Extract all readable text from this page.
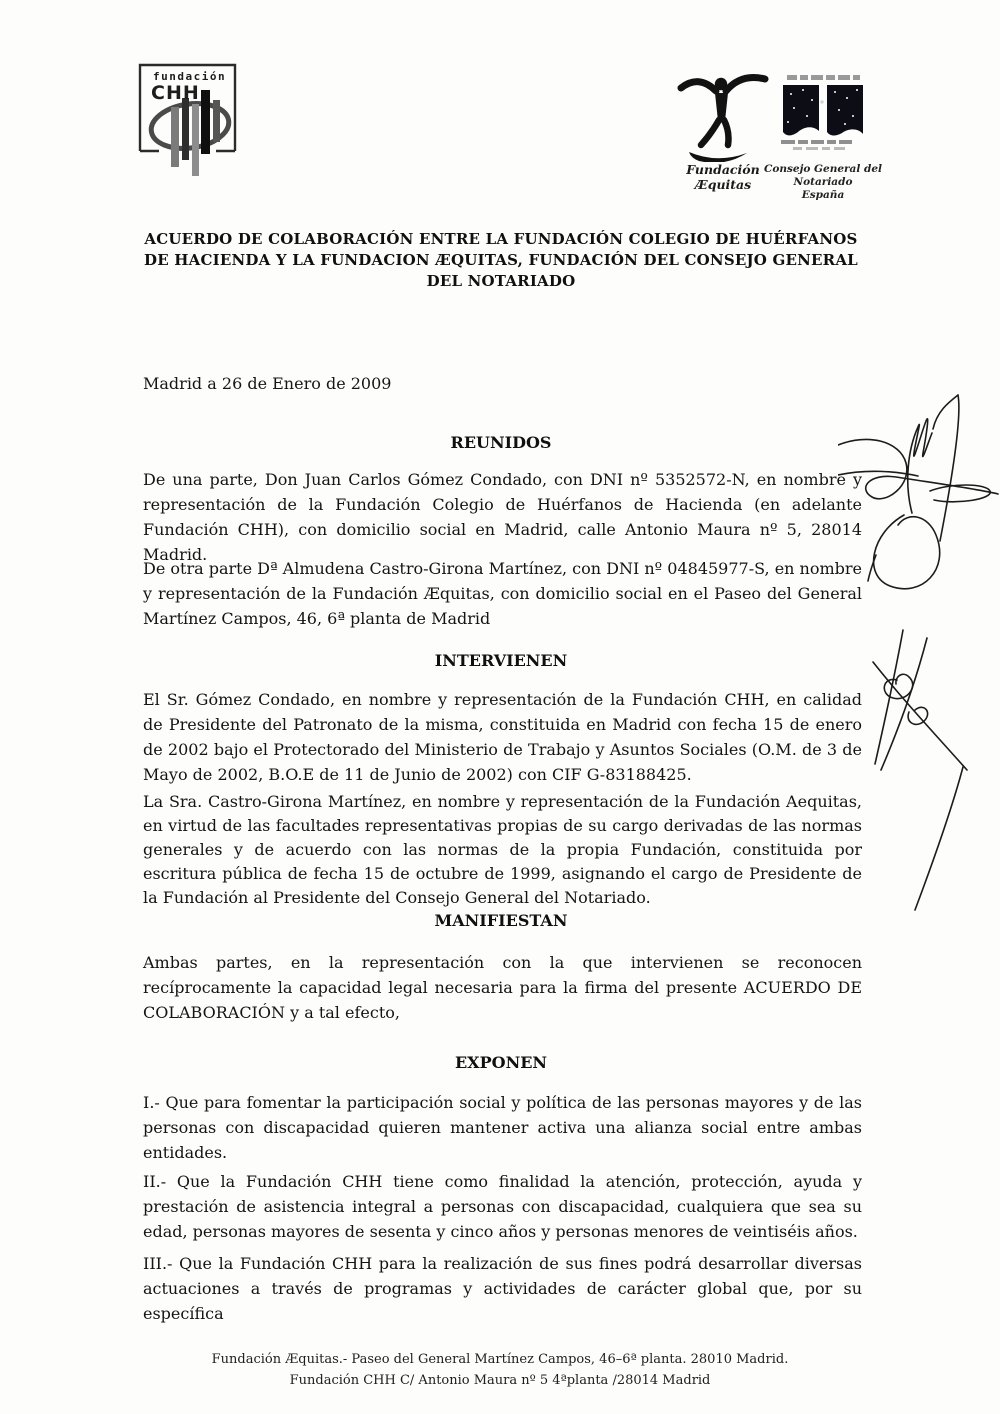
fundación
CHH
Fundación
Æquitas
Consejo General del Notariado
España
ACUERDO DE COLABORACIÓN ENTRE LA FUNDACIÓN COLEGIO DE HUÉRFANOS
DE HACIENDA Y LA FUNDACION ÆQUITAS, FUNDACIÓN DEL CONSEJO GENERAL
DEL NOTARIADO
Madrid a 26 de Enero de 2009
REUNIDOS

De una parte, Don Juan Carlos Gómez Condado, con DNI nº 5352572-N, en nombre y representación de la Fundación Colegio de Huérfanos de Hacienda (en adelante Fundación CHH), con domicilio social en Madrid, calle Antonio Maura nº 5, 28014 Madrid.

De otra parte Dª Almudena Castro-Girona Martínez, con DNI nº 04845977-S, en nombre y representación de la Fundación Æquitas, con domicilio social en el Paseo del General Martínez Campos, 46, 6ª planta de Madrid

INTERVIENEN

El Sr. Gómez Condado, en nombre y representación de la Fundación CHH, en calidad de Presidente del Patronato de la misma, constituida en Madrid con fecha 15 de enero de 2002 bajo el Protectorado del Ministerio de Trabajo y Asuntos Sociales (O.M. de 3 de Mayo de 2002, B.O.E de 11 de Junio de 2002) con CIF G-83188425.

La Sra. Castro-Girona Martínez, en nombre y representación de la Fundación Aequitas, en virtud de las facultades representativas propias de su cargo derivadas de las normas generales y de acuerdo con las normas de la propia Fundación, constituida por escritura pública de fecha 15 de octubre de 1999, asignando el cargo de Presidente de la Fundación al Presidente del Consejo General del Notariado.

MANIFIESTAN

Ambas partes, en la representación con la que intervienen se reconocen recíprocamente la capacidad legal necesaria para la firma del presente ACUERDO DE COLABORACIÓN y a tal efecto,

EXPONEN

I.- Que para fomentar la participación social y política de las personas mayores y de las personas con discapacidad quieren mantener activa una alianza social entre ambas entidades.

II.- Que la Fundación CHH tiene como finalidad la atención, protección, ayuda y prestación de asistencia integral a personas con discapacidad, cualquiera que sea su edad, personas mayores de sesenta y cinco años y personas menores de veintiséis años.

III.- Que la Fundación CHH para la realización de sus fines podrá desarrollar diversas actuaciones a través de programas y actividades de carácter global que, por su específica

Fundación Æquitas.- Paseo del General Martínez Campos, 46–6ª planta. 28010 Madrid.
Fundación CHH C/ Antonio Maura nº 5 4ªplanta /28014 Madrid
